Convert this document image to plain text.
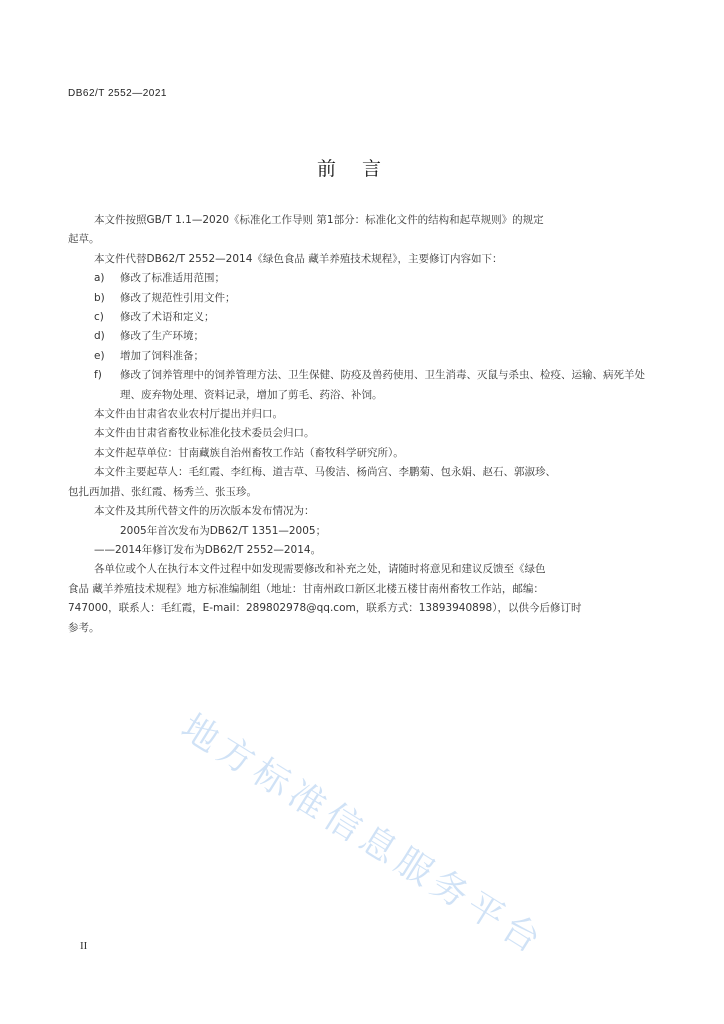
DB62/T 2552—2021
前言
本文件按照GB/T 1.1—2020《标准化工作导则 第1部分：标准化文件的结构和起草规则》的规定
起草。
本文件代替DB62/T 2552—2014《绿色食品 藏羊养殖技术规程》，主要修订内容如下：
a) 修改了标准适用范围；
b) 修改了规范性引用文件；
c) 修改了术语和定义；
d) 修改了生产环境；
e) 增加了饲料准备；
f) 修改了饲养管理中的饲养管理方法、卫生保健、防疫及兽药使用、卫生消毒、灭鼠与杀虫、检疫、运输、病死羊处理、废弃物处理、资料记录，增加了剪毛、药浴、补饲。
本文件由甘肃省农业农村厅提出并归口。
本文件由甘肃省畜牧业标准化技术委员会归口。
本文件起草单位：甘南藏族自治州畜牧工作站（畜牧科学研究所）。
本文件主要起草人：毛红霞、李红梅、道吉草、马俊洁、杨尚宫、李鹏菊、包永娟、赵石、郭淑珍、
包扎西加措、张红霞、杨秀兰、张玉珍。
本文件及其所代替文件的历次版本发布情况为：
2005年首次发布为DB62/T 1351—2005；
——2014年修订发布为DB62/T 2552—2014。
各单位或个人在执行本文件过程中如发现需要修改和补充之处，请随时将意见和建议反馈至《绿色
食品 藏羊养殖技术规程》地方标准编制组（地址：甘南州政口新区北楼五楼甘南州畜牧工作站，邮编：
747000，联系人：毛红霞，E-mail：289802978@qq.com，联系方式：13893940898），以供今后修订时
参考。
地方标准信息服务平台
II
